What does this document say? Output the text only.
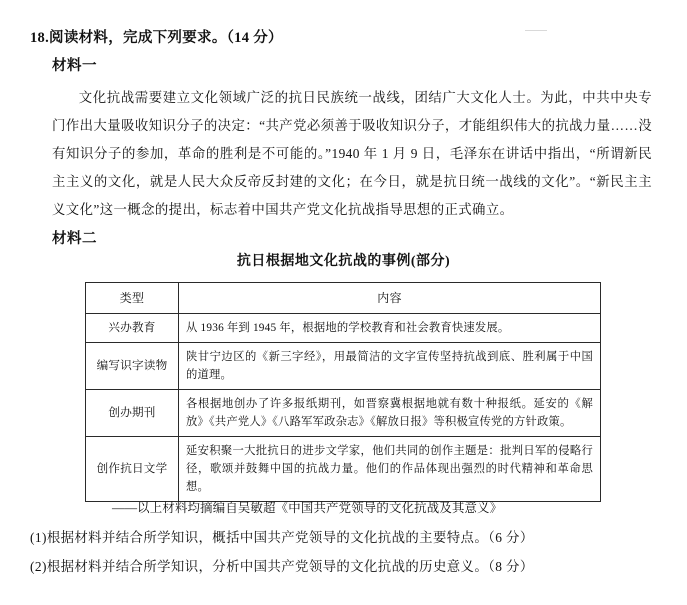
18.阅读材料，完成下列要求。（14 分）
材料一
文化抗战需要建立文化领域广泛的抗日民族统一战线，团结广大文化人士。为此，中共中央专门作出大量吸收知识分子的决定：“共产党必须善于吸收知识分子，才能组织伟大的抗战力量……没有知识分子的参加，革命的胜利是不可能的。”1940 年 1 月 9 日，毛泽东在讲话中指出，“所谓新民主主义的文化，就是人民大众反帝反封建的文化；在今日，就是抗日统一战线的文化”。“新民主主义文化”这一概念的提出，标志着中国共产党文化抗战指导思想的正式确立。
材料二
抗日根据地文化抗战的事例(部分)
类型	内容
兴办教育	从 1936 年到 1945 年，根据地的学校教育和社会教育快速发展。
编写识字读物	陕甘宁边区的《新三字经》，用最简洁的文字宣传坚持抗战到底、胜利属于中国的道理。
创办期刊	各根据地创办了许多报纸期刊，如晋察冀根据地就有数十种报纸。延安的《解放》《共产党人》《八路军军政杂志》《解放日报》等积极宣传党的方针政策。
创作抗日文学	延安积聚一大批抗日的进步文学家，他们共同的创作主题是：批判日军的侵略行径，歌颂并鼓舞中国的抗战力量。他们的作品体现出强烈的时代精神和革命思想。
——以上材料均摘编自吴敏超《中国共产党领导的文化抗战及其意义》
(1)根据材料并结合所学知识，概括中国共产党领导的文化抗战的主要特点。（6 分）
(2)根据材料并结合所学知识，分析中国共产党领导的文化抗战的历史意义。（8 分）
